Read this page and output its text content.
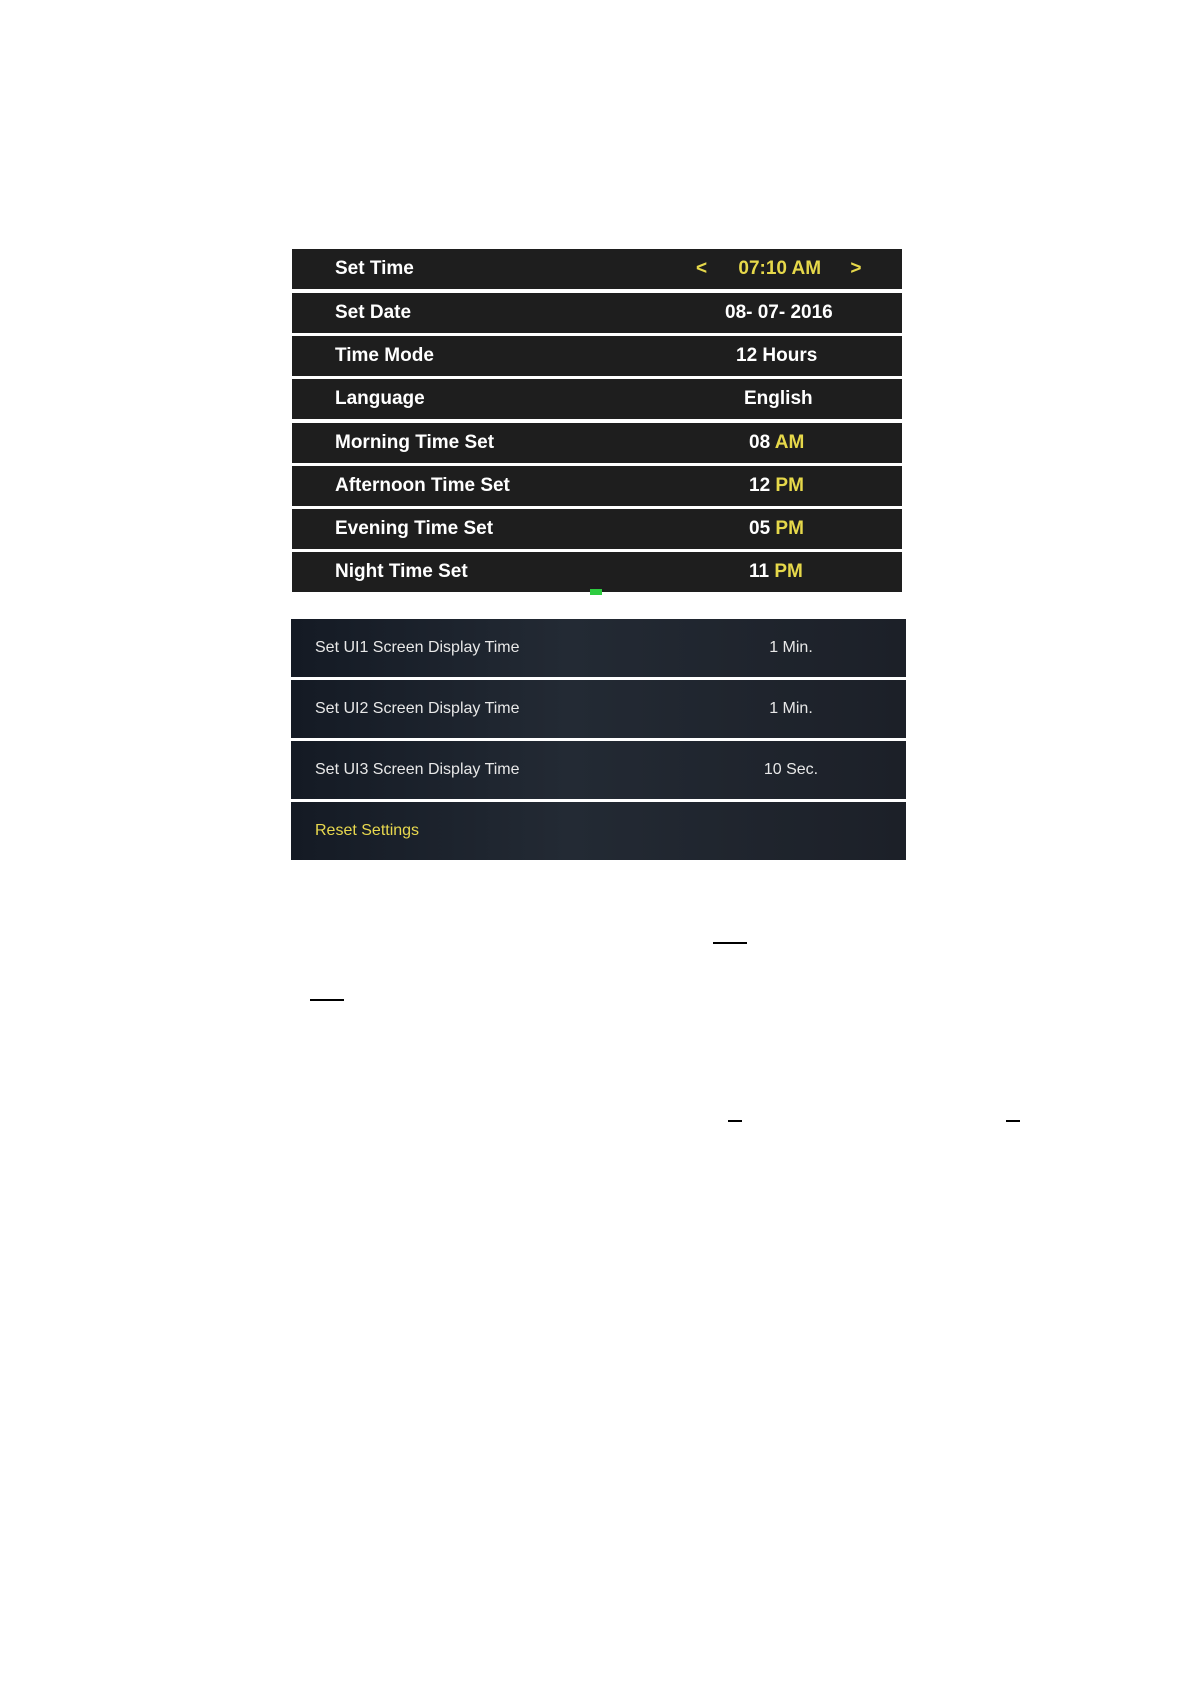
Set Time	< 07:10 AM >
Set Date	08- 07- 2016
Time Mode	12 Hours
Language	English
Morning Time Set	08 AM
Afternoon Time Set	12 PM
Evening Time Set	05 PM
Night Time Set	11 PM
Set UI1 Screen Display Time	1 Min.
Set UI2 Screen Display Time	1 Min.
Set UI3 Screen Display Time	10 Sec.
Reset Settings
